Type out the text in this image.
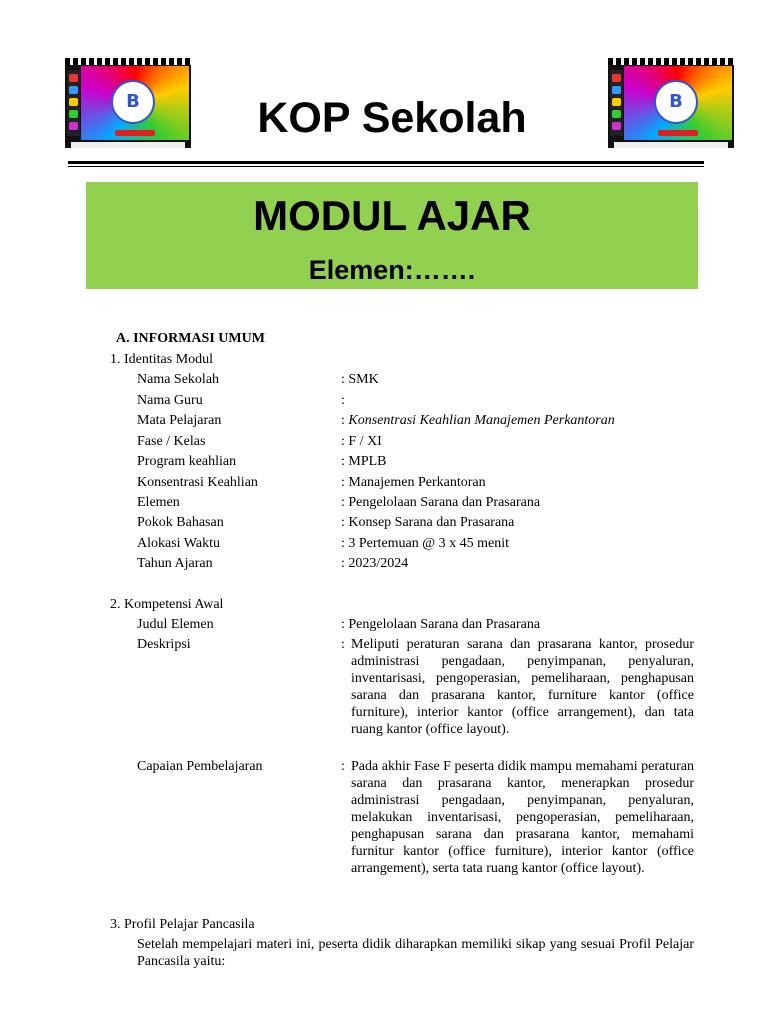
B	B
KOP Sekolah
MODUL AJAR
Elemen:…….
A. INFORMASI UMUM
1. Identitas Modul
Nama Sekolah	: SMK
Nama Guru	:
Mata Pelajaran	: Konsentrasi Keahlian Manajemen Perkantoran
Fase / Kelas	: F / XI
Program keahlian	: MPLB
Konsentrasi Keahlian	: Manajemen Perkantoran
Elemen	: Pengelolaan Sarana dan Prasarana
Pokok Bahasan	: Konsep Sarana dan Prasarana
Alokasi Waktu	: 3 Pertemuan @ 3 x 45 menit
Tahun Ajaran	: 2023/2024
2. Kompetensi Awal
Judul Elemen	: Pengelolaan Sarana dan Prasarana
Deskripsi	: Meliputi peraturan sarana dan prasarana kantor, prosedur administrasi pengadaan, penyimpanan, penyaluran, inventarisasi, pengoperasian, pemeliharaan, penghapusan sarana dan prasarana kantor, furniture kantor (office furniture), interior kantor (office arrangement), dan tata ruang kantor (office layout).
Capaian Pembelajaran	: Pada akhir Fase F peserta didik mampu memahami peraturan sarana dan prasarana kantor, menerapkan prosedur administrasi pengadaan, penyimpanan, penyaluran, melakukan inventarisasi, pengoperasian, pemeliharaan, penghapusan sarana dan prasarana kantor, memahami furnitur kantor (office furniture), interior kantor (office arrangement), serta tata ruang kantor (office layout).
3. Profil Pelajar Pancasila
Setelah mempelajari materi ini, peserta didik diharapkan memiliki sikap yang sesuai Profil Pelajar Pancasila yaitu:
